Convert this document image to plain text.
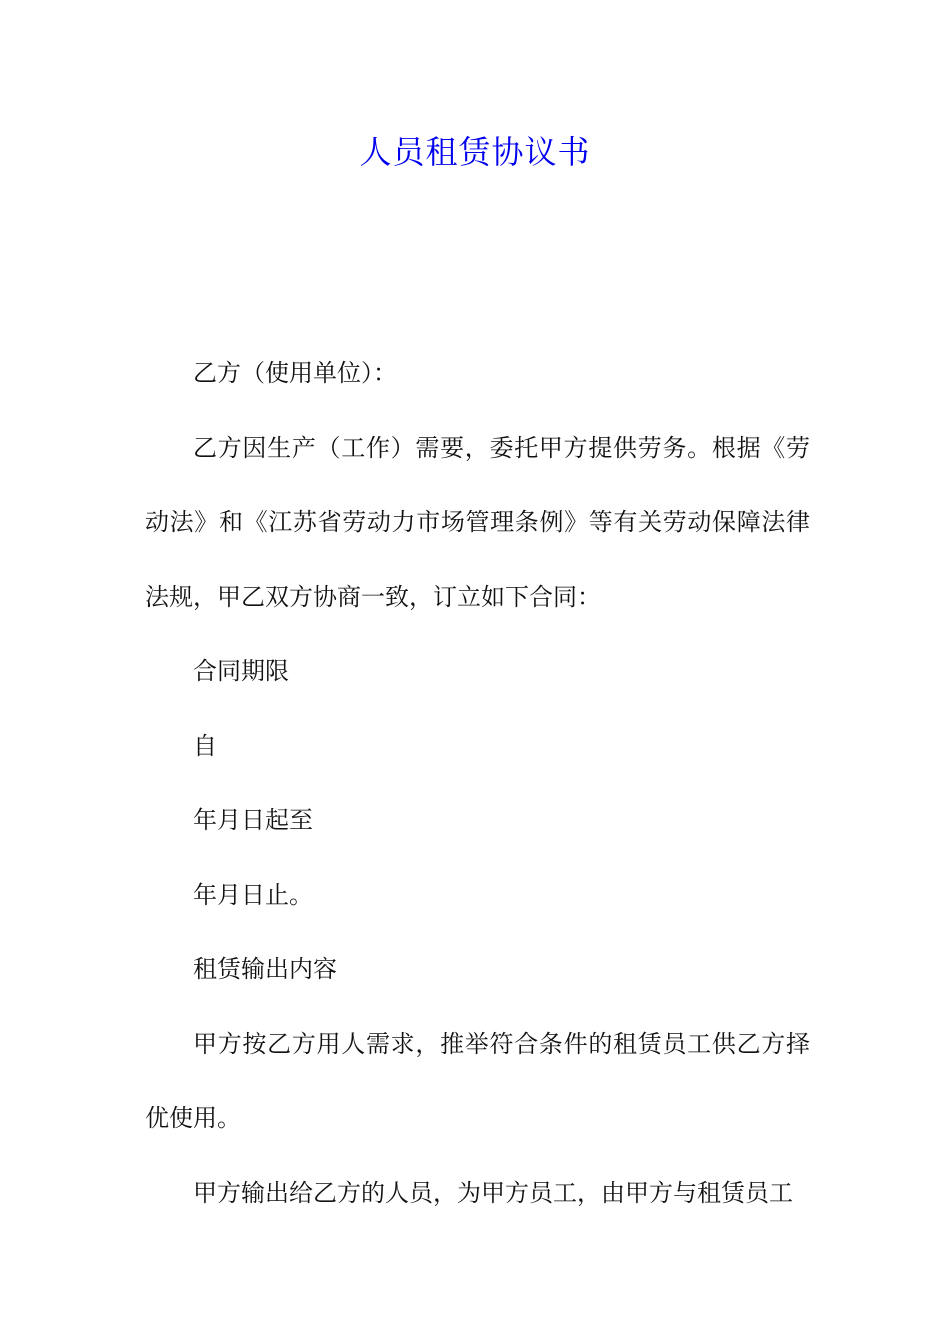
人员租赁协议书

乙方（使用单位）：

乙方因生产（工作）需要，委托甲方提供劳务。根据《劳动法》和《江苏省劳动力市场管理条例》等有关劳动保障法律法规，甲乙双方协商一致，订立如下合同：

合同期限

自

年月日起至

年月日止。

租赁输出内容

甲方按乙方用人需求，推举符合条件的租赁员工供乙方择优使用。

甲方输出给乙方的人员，为甲方员工，由甲方与租赁员工
